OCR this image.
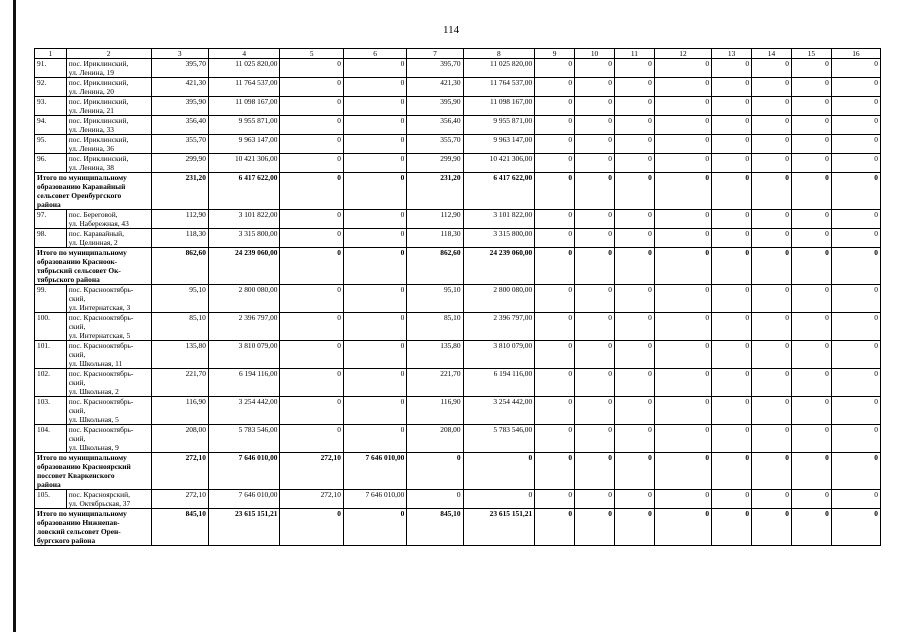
114
1	2	3	4	5	6	7	8	9	10	11	12	13	14	15	16
91.	пос. Ириклинский,
ул. Ленина, 19	395,70	11 025 820,00	0	0	395,70	11 025 820,00	0	0	0	0	0	0	0	0
92.	пос. Ириклинский,
ул. Ленина, 20	421,30	11 764 537,00	0	0	421,30	11 764 537,00	0	0	0	0	0	0	0	0
93.	пос. Ириклинский,
ул. Ленина, 21	395,90	11 098 167,00	0	0	395,90	11 098 167,00	0	0	0	0	0	0	0	0
94.	пос. Ириклинский,
ул. Ленина, 33	356,40	9 955 871,00	0	0	356,40	9 955 871,00	0	0	0	0	0	0	0	0
95.	пос. Ириклинский,
ул. Ленина, 36	355,70	9 963 147,00	0	0	355,70	9 963 147,00	0	0	0	0	0	0	0	0
96.	пос. Ириклинский,
ул. Ленина, 38	299,90	10 421 306,00	0	0	299,90	10 421 306,00	0	0	0	0	0	0	0	0
Итого по муниципальному
образованию Каравайный
сельсовет Оренбургского
района		231,20	6 417 622,00	0	0	231,20	6 417 622,00	0	0	0	0	0	0	0	0
97.	пос. Береговой,
ул. Набережная, 43	112,90	3 101 822,00	0	0	112,90	3 101 822,00	0	0	0	0	0	0	0	0
98.	пос. Каравайный,
ул. Целинная, 2	118,30	3 315 800,00	0	0	118,30	3 315 800,00	0	0	0	0	0	0	0	0
Итого по муниципальному
образованию Красноок-
тябрьский сельсовет Ок-
тябрьского района		862,60	24 239 060,00	0	0	862,60	24 239 060,00	0	0	0	0	0	0	0	0
99.	пос. Краснооктябрь-
ский,
ул. Интернатская, 3	95,10	2 800 080,00	0	0	95,10	2 800 080,00	0	0	0	0	0	0	0	0
100.	пос. Краснооктябрь-
ский,
ул. Интернатская, 5	85,10	2 396 797,00	0	0	85,10	2 396 797,00	0	0	0	0	0	0	0	0
101.	пос. Краснооктябрь-
ский,
ул. Школьная, 11	135,80	3 810 079,00	0	0	135,80	3 810 079,00	0	0	0	0	0	0	0	0
102.	пос. Краснооктябрь-
ский,
ул. Школьная, 2	221,70	6 194 116,00	0	0	221,70	6 194 116,00	0	0	0	0	0	0	0	0
103.	пос. Краснооктябрь-
ский,
ул. Школьная, 5	116,90	3 254 442,00	0	0	116,90	3 254 442,00	0	0	0	0	0	0	0	0
104.	пос. Краснооктябрь-
ский,
ул. Школьная, 9	208,00	5 783 546,00	0	0	208,00	5 783 546,00	0	0	0	0	0	0	0	0
Итого по муниципальному
образованию Красноярский
поссовет Кваркенского
района		272,10	7 646 010,00	272,10	7 646 010,00	0	0	0	0	0	0	0	0	0	0
105.	пос. Красноярский,
ул. Октябрьская, 37	272,10	7 646 010,00	272,10	7 646 010,00	0	0	0	0	0	0	0	0	0	0
Итого по муниципальному
образованию Нижнепав-
ловский сельсовет Орен-
бургского района		845,10	23 615 151,21	0	0	845,10	23 615 151,21	0	0	0	0	0	0	0	0
